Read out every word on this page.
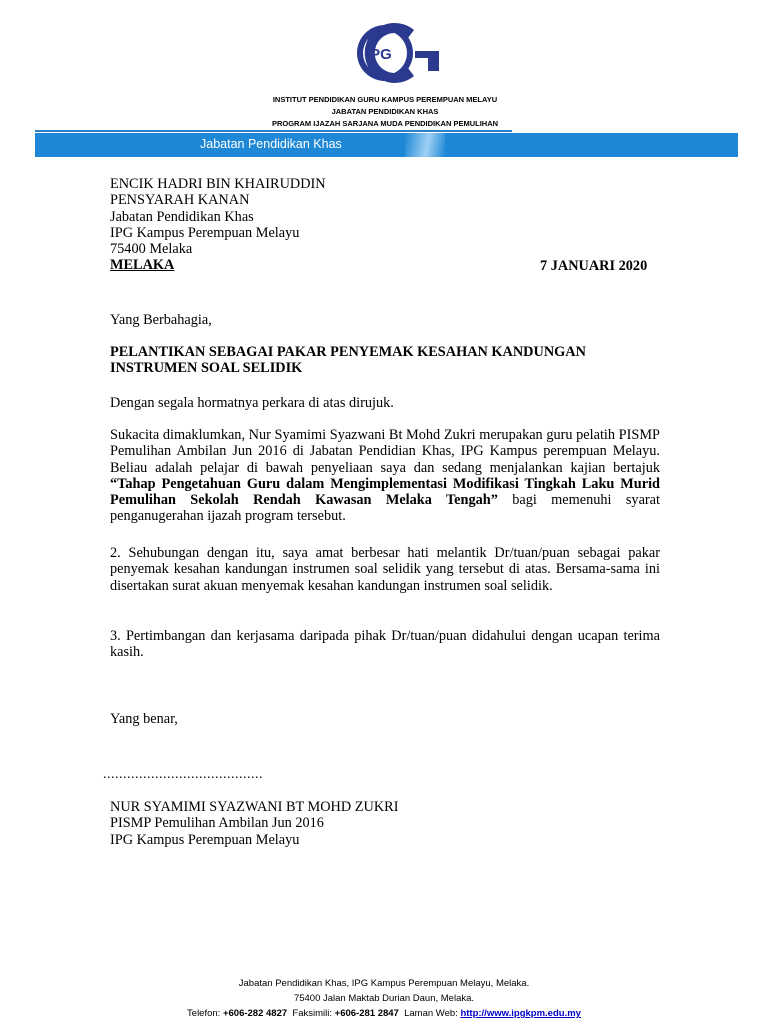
IPG
INSTITUT PENDIDIKAN GURU KAMPUS PEREMPUAN MELAYU
JABATAN PENDIDIKAN KHAS
PROGRAM IJAZAH SARJANA MUDA PENDIDIKAN PEMULIHAN
Jabatan Pendidikan Khas
ENCIK HADRI BIN KHAIRUDDIN
PENSYARAH KANAN
Jabatan Pendidikan Khas
IPG Kampus Perempuan Melayu
75400 Melaka
MELAKA	7 JANUARI 2020
Yang Berbahagia,
PELANTIKAN SEBAGAI PAKAR PENYEMAK KESAHAN KANDUNGAN
INSTRUMEN SOAL SELIDIK
Dengan segala hormatnya perkara di atas dirujuk.
Sukacita dimaklumkan, Nur Syamimi Syazwani Bt Mohd Zukri merupakan guru pelatih PISMP Pemulihan Ambilan Jun 2016 di Jabatan Pendidian Khas, IPG Kampus perempuan Melayu. Beliau adalah pelajar di bawah penyeliaan saya dan sedang menjalankan kajian bertajuk “Tahap Pengetahuan Guru dalam Mengimplementasi Modifikasi Tingkah Laku Murid Pemulihan Sekolah Rendah Kawasan Melaka Tengah” bagi memenuhi syarat penganugerahan ijazah program tersebut.
2. Sehubungan dengan itu, saya amat berbesar hati melantik Dr/tuan/puan sebagai pakar penyemak kesahan kandungan instrumen soal selidik yang tersebut di atas. Bersama-sama ini disertakan surat akuan menyemak kesahan kandungan instrumen soal selidik.
3. Pertimbangan dan kerjasama daripada pihak Dr/tuan/puan didahului dengan ucapan terima kasih.
Yang benar,
........................................
NUR SYAMIMI SYAZWANI BT MOHD ZUKRI
PISMP Pemulihan Ambilan Jun 2016
IPG Kampus Perempuan Melayu
Jabatan Pendidikan Khas, IPG Kampus Perempuan Melayu, Melaka.
75400 Jalan Maktab Durian Daun, Melaka.
Telefon: +606-282 4827  Faksimili: +606-281 2847  Laman Web: http://www.ipgkpm.edu.my
